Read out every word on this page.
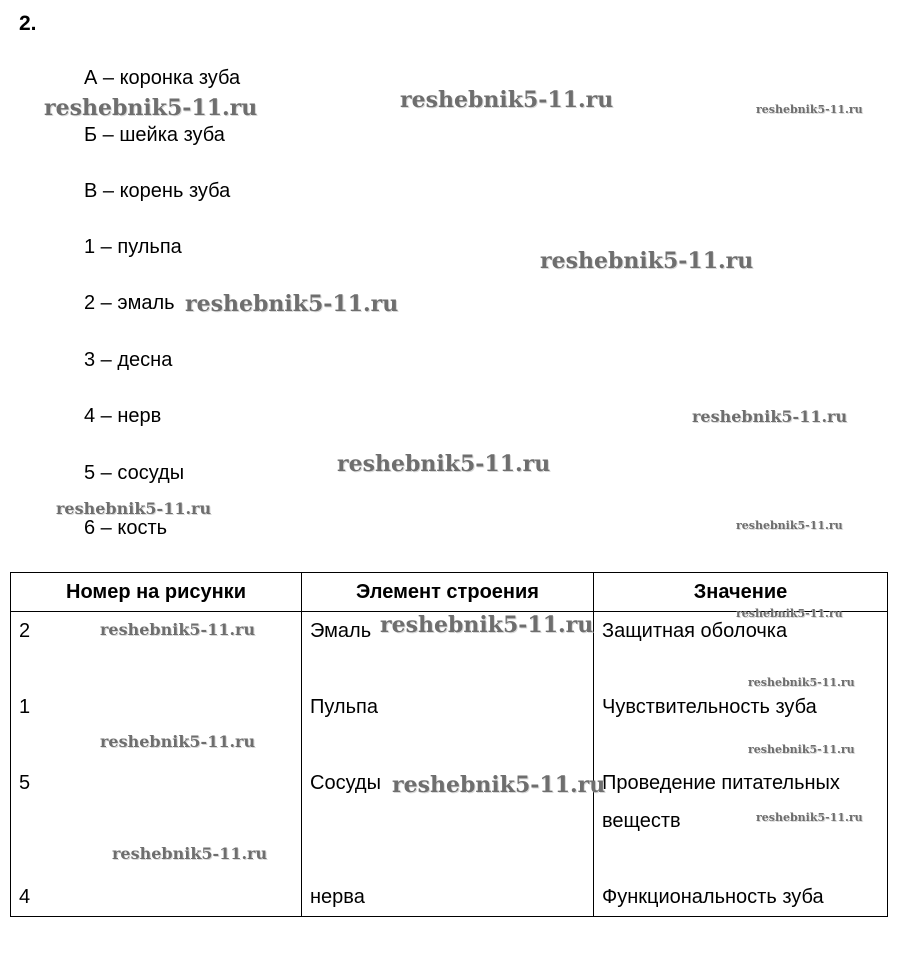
2.
А – коронка зуба
Б – шейка зуба
В – корень зуба
1 – пульпа
2 – эмаль
3 – десна
4 – нерв
5 – сосуды
6 – кость
Номер на рисунки	Элемент строения	Значение
2	Эмаль	Защитная оболочка
1	Пульпа	Чувствительность зуба
5	Сосуды	Проведение питательных веществ
4	нерва	Функциональность зуба
reshebnik5-11.ru	reshebnik5-11.ru	reshebnik5-11.ru
reshebnik5-11.ru
reshebnik5-11.ru
reshebnik5-11.ru
reshebnik5-11.ru
reshebnik5-11.ru
reshebnik5-11.ru
reshebnik5-11.ru
reshebnik5-11.ru	reshebnik5-11.ru
reshebnik5-11.ru
reshebnik5-11.ru	reshebnik5-11.ru
reshebnik5-11.ru
reshebnik5-11.ru
reshebnik5-11.ru
